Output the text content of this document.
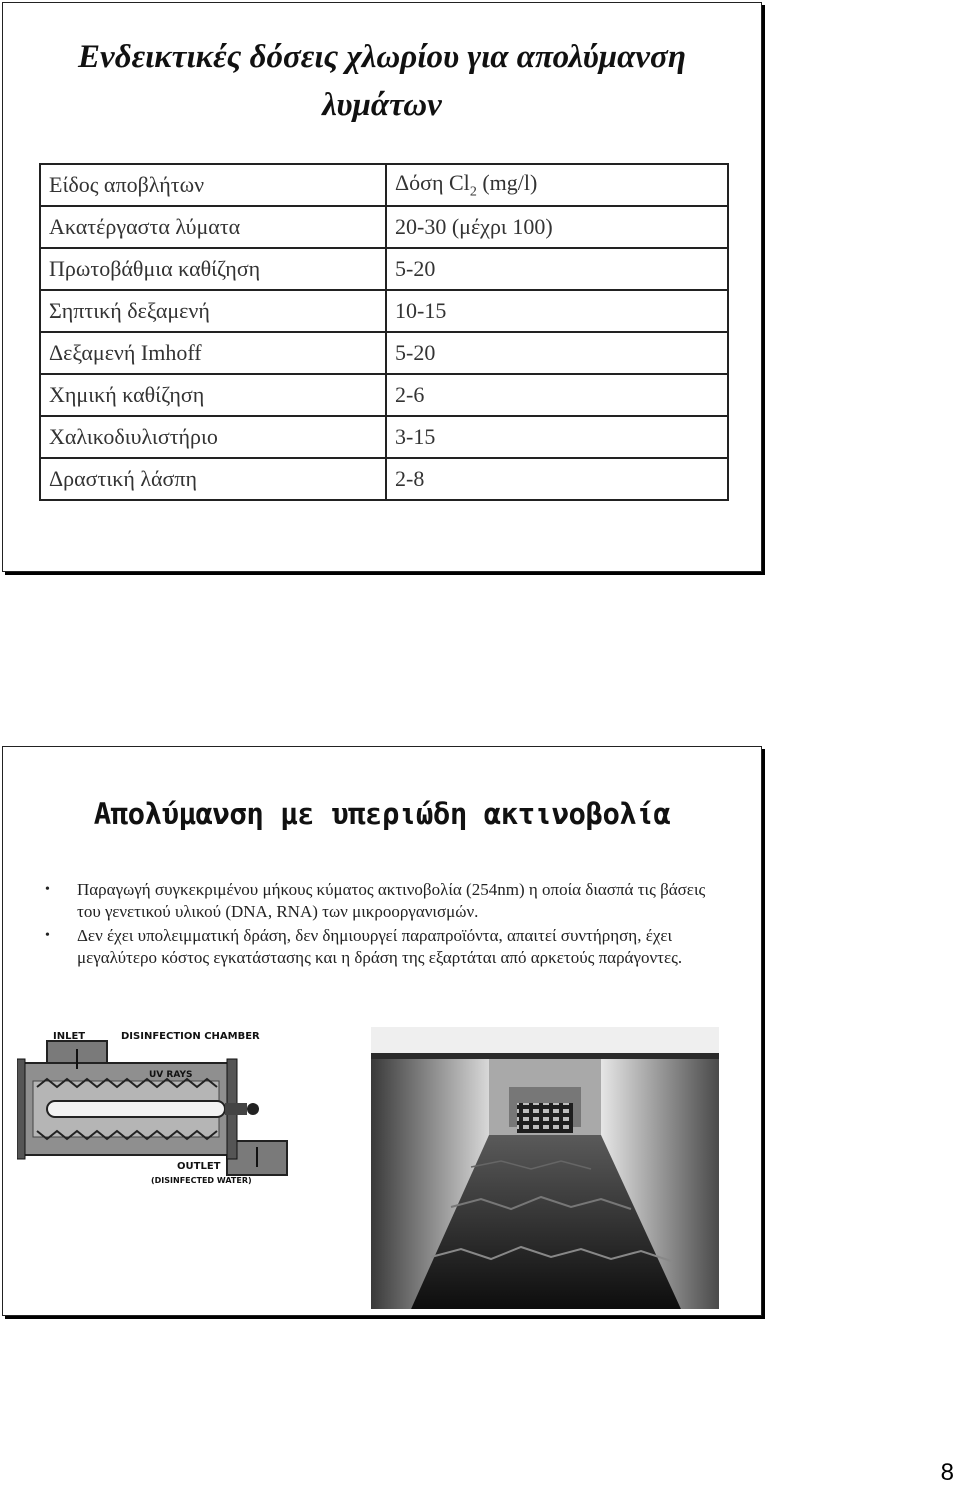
Ενδεικτικές δόσεις χλωρίου για απολύμανση
λυμάτων
Είδος αποβλήτων	Δόση $Cl_2$ (mg/l)
Ακατέργαστα λύματα	20-30 (μέχρι 100)
Πρωτοβάθμια καθίζηση	5-20
Σηπτική δεξαμενή	10-15
Δεξαμενή Imhoff	5-20
Χημική καθίζηση	2-6
Χαλικοδιυλιστήριο	3-15
Δραστική λάσπη	2-8
Απολύμανση με υπεριώδη ακτινοβολία
• Παραγωγή συγκεκριμένου μήκους κύματος ακτινοβολία (254nm) η οποία διασπά τις βάσεις του γενετικού υλικού (DNA, RNA) των μικροοργανισμών.
• Δεν έχει υπολειμματική δράση, δεν δημιουργεί παραπροϊόντα, απαιτεί συντήρηση, έχει μεγαλύτερο κόστος εγκατάστασης και η δράση της εξαρτάται από αρκετούς παράγοντες.
INLET	DISINFECTION CHAMBER
UV RAYS
OUTLET
(DISINFECTED WATER)
8
